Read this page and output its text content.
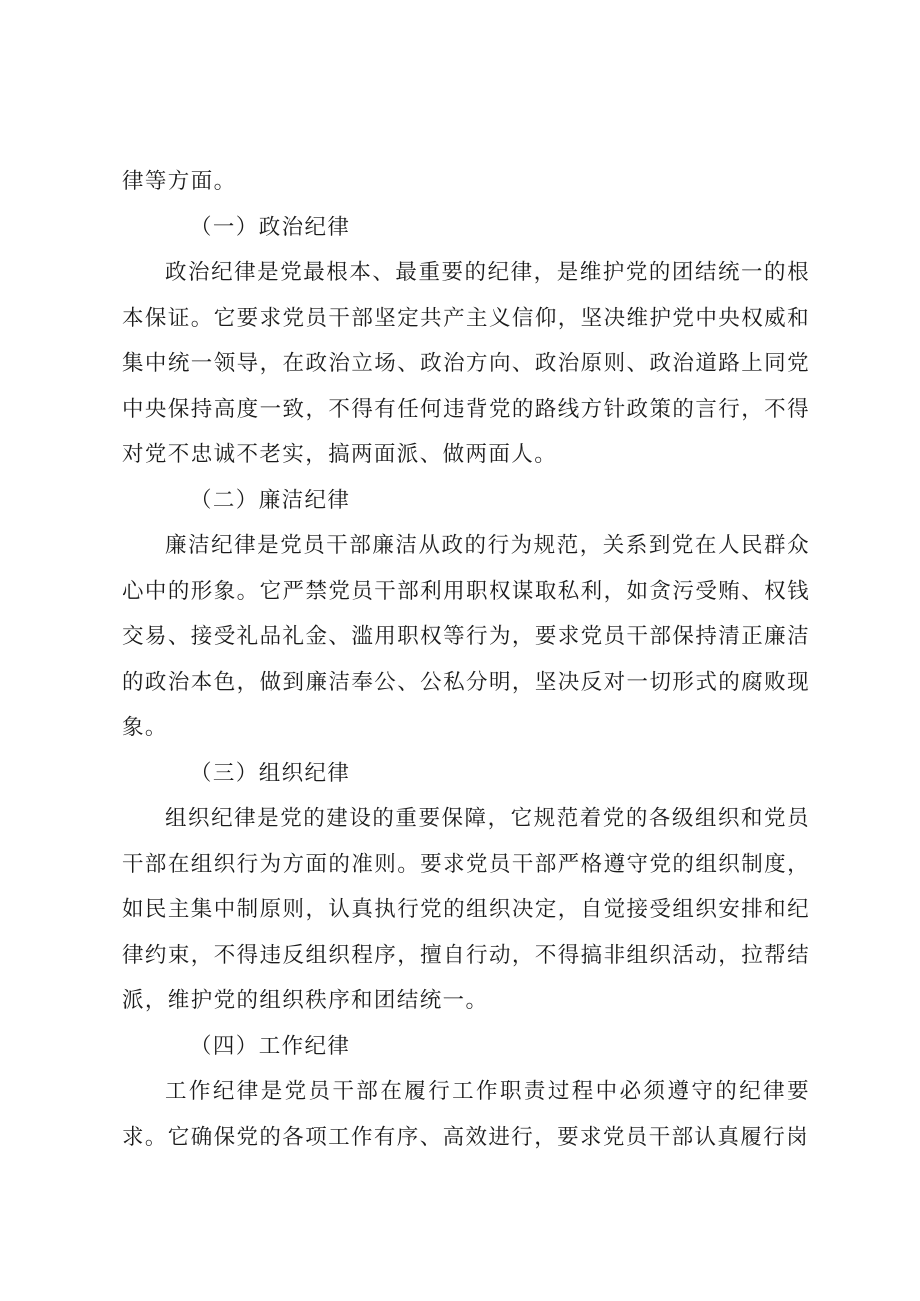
律等方面。

（一）政治纪律

政治纪律是党最根本、最重要的纪律，是维护党的团结统一的根本保证。它要求党员干部坚定共产主义信仰，坚决维护党中央权威和集中统一领导，在政治立场、政治方向、政治原则、政治道路上同党中央保持高度一致，不得有任何违背党的路线方针政策的言行，不得对党不忠诚不老实，搞两面派、做两面人。

（二）廉洁纪律

廉洁纪律是党员干部廉洁从政的行为规范，关系到党在人民群众心中的形象。它严禁党员干部利用职权谋取私利，如贪污受贿、权钱交易、接受礼品礼金、滥用职权等行为，要求党员干部保持清正廉洁的政治本色，做到廉洁奉公、公私分明，坚决反对一切形式的腐败现象。

（三）组织纪律

组织纪律是党的建设的重要保障，它规范着党的各级组织和党员干部在组织行为方面的准则。要求党员干部严格遵守党的组织制度，如民主集中制原则，认真执行党的组织决定，自觉接受组织安排和纪律约束，不得违反组织程序，擅自行动，不得搞非组织活动，拉帮结派，维护党的组织秩序和团结统一。

（四）工作纪律

工作纪律是党员干部在履行工作职责过程中必须遵守的纪律要求。它确保党的各项工作有序、高效进行，要求党员干部认真履行岗
